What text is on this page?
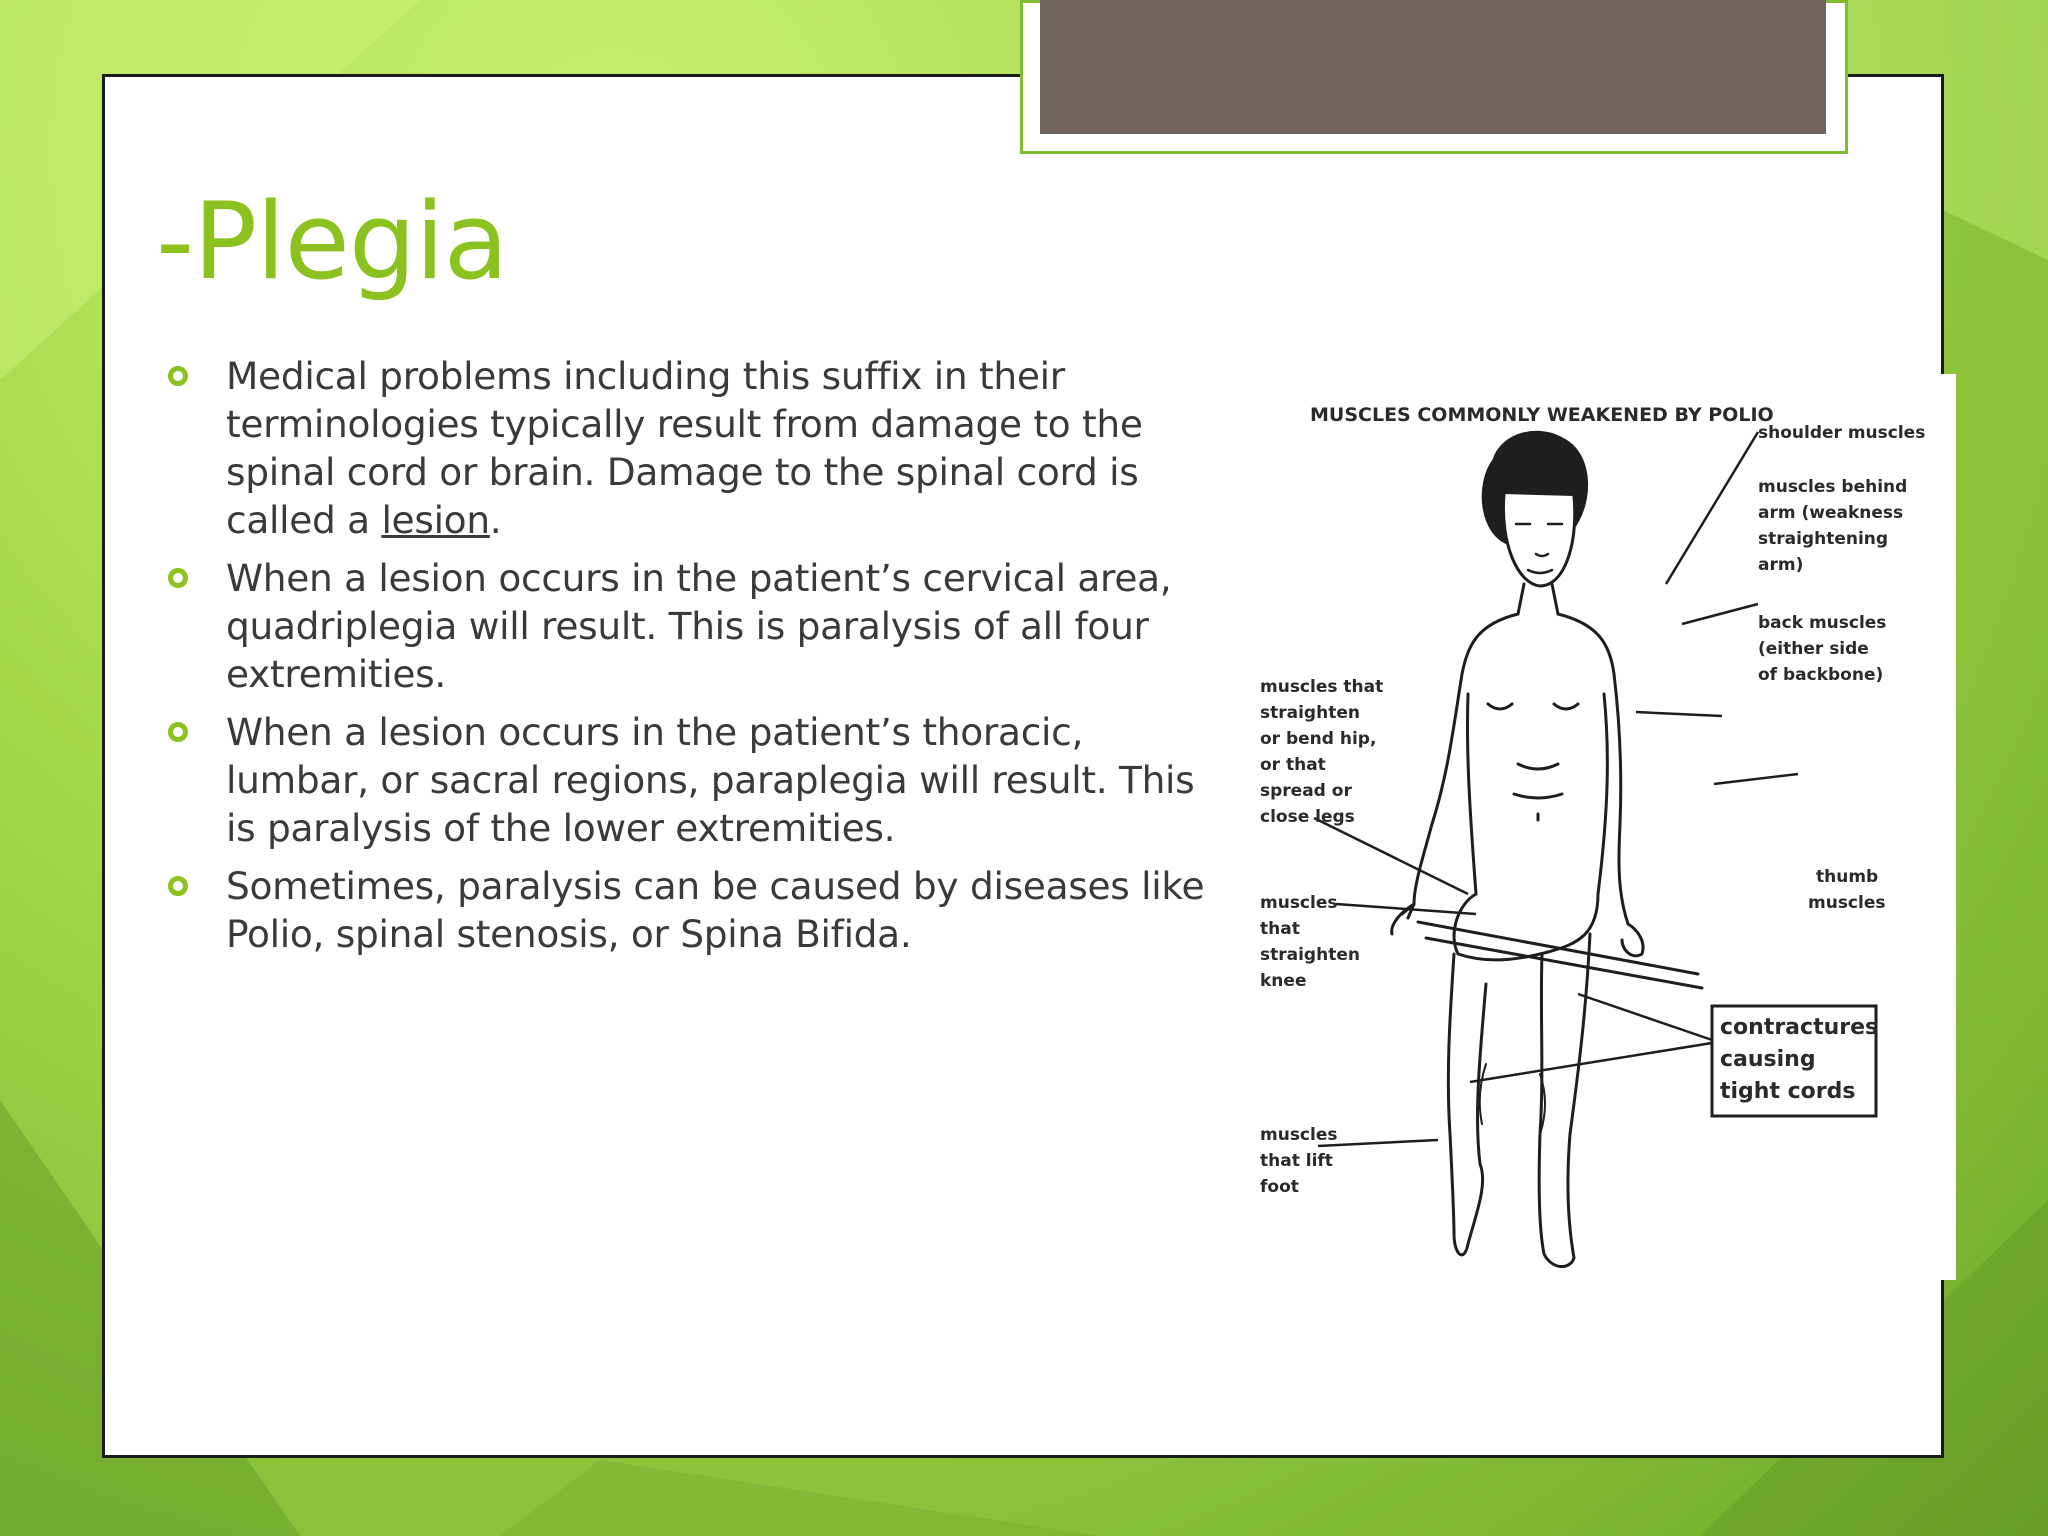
-Plegia
Medical problems including this suffix in their terminologies typically result from damage to the spinal cord or brain. Damage to the spinal cord is called a lesion.
When a lesion occurs in the patient’s cervical area, quadriplegia will result. This is paralysis of all four extremities.
When a lesion occurs in the patient’s thoracic, lumbar, or sacral regions, paraplegia will result. This is paralysis of the lower extremities.
Sometimes, paralysis can be caused by diseases like Polio, spinal stenosis, or Spina Bifida.
MUSCLES COMMONLY WEAKENED BY POLIO
shoulder muscles
muscles behind
arm (weakness
straightening
arm)
back muscles
(either side
of backbone)
thumb
muscles
muscles that
straighten
or bend hip,
or that
spread or
close legs
muscles
that
straighten
knee
muscles
that lift
foot
contractures
causing
tight cords
